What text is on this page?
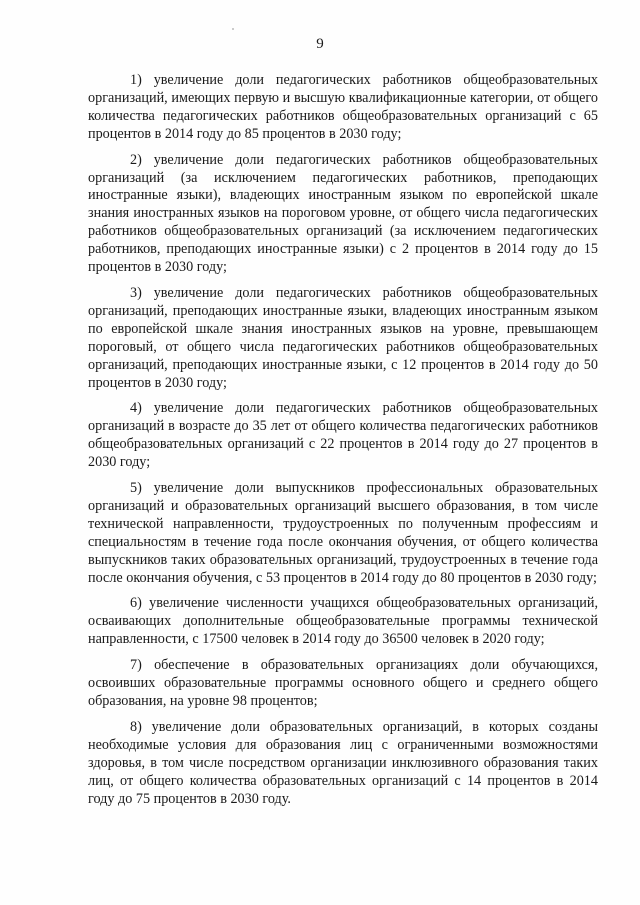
9

1) увеличение доли педагогических работников общеобразовательных организаций, имеющих первую и высшую квалификационные категории, от общего количества педагогических работников общеобразовательных организаций с 65 процентов в 2014 году до 85 процентов в 2030 году;

2) увеличение доли педагогических работников общеобразовательных организаций (за исключением педагогических работников, преподающих иностранные языки), владеющих иностранным языком по европейской шкале знания иностранных языков на пороговом уровне, от общего числа педагогических работников общеобразовательных организаций (за исключением педагогических работников, преподающих иностранные языки) с 2 процентов в 2014 году до 15 процентов в 2030 году;

3) увеличение доли педагогических работников общеобразовательных организаций, преподающих иностранные языки, владеющих иностранным языком по европейской шкале знания иностранных языков на уровне, превышающем пороговый, от общего числа педагогических работников общеобразовательных организаций, преподающих иностранные языки, с 12 процентов в 2014 году до 50 процентов в 2030 году;

4) увеличение доли педагогических работников общеобразовательных организаций в возрасте до 35 лет от общего количества педагогических работников общеобразовательных организаций с 22 процентов в 2014 году до 27 процентов в 2030 году;

5) увеличение доли выпускников профессиональных образовательных организаций и образовательных организаций высшего образования, в том числе технической направленности, трудоустроенных по полученным профессиям и специальностям в течение года после окончания обучения, от общего количества выпускников таких образовательных организаций, трудоустроенных в течение года после окончания обучения, с 53 процентов в 2014 году до 80 процентов в 2030 году;

6) увеличение численности учащихся общеобразовательных организаций, осваивающих дополнительные общеобразовательные программы технической направленности, с 17500 человек в 2014 году до 36500 человек в 2020 году;

7) обеспечение в образовательных организациях доли обучающихся, освоивших образовательные программы основного общего и среднего общего образования, на уровне 98 процентов;

8) увеличение доли образовательных организаций, в которых созданы необходимые условия для образования лиц с ограниченными возможностями здоровья, в том числе посредством организации инклюзивного образования таких лиц, от общего количества образовательных организаций с 14 процентов в 2014 году до 75 процентов в 2030 году.
